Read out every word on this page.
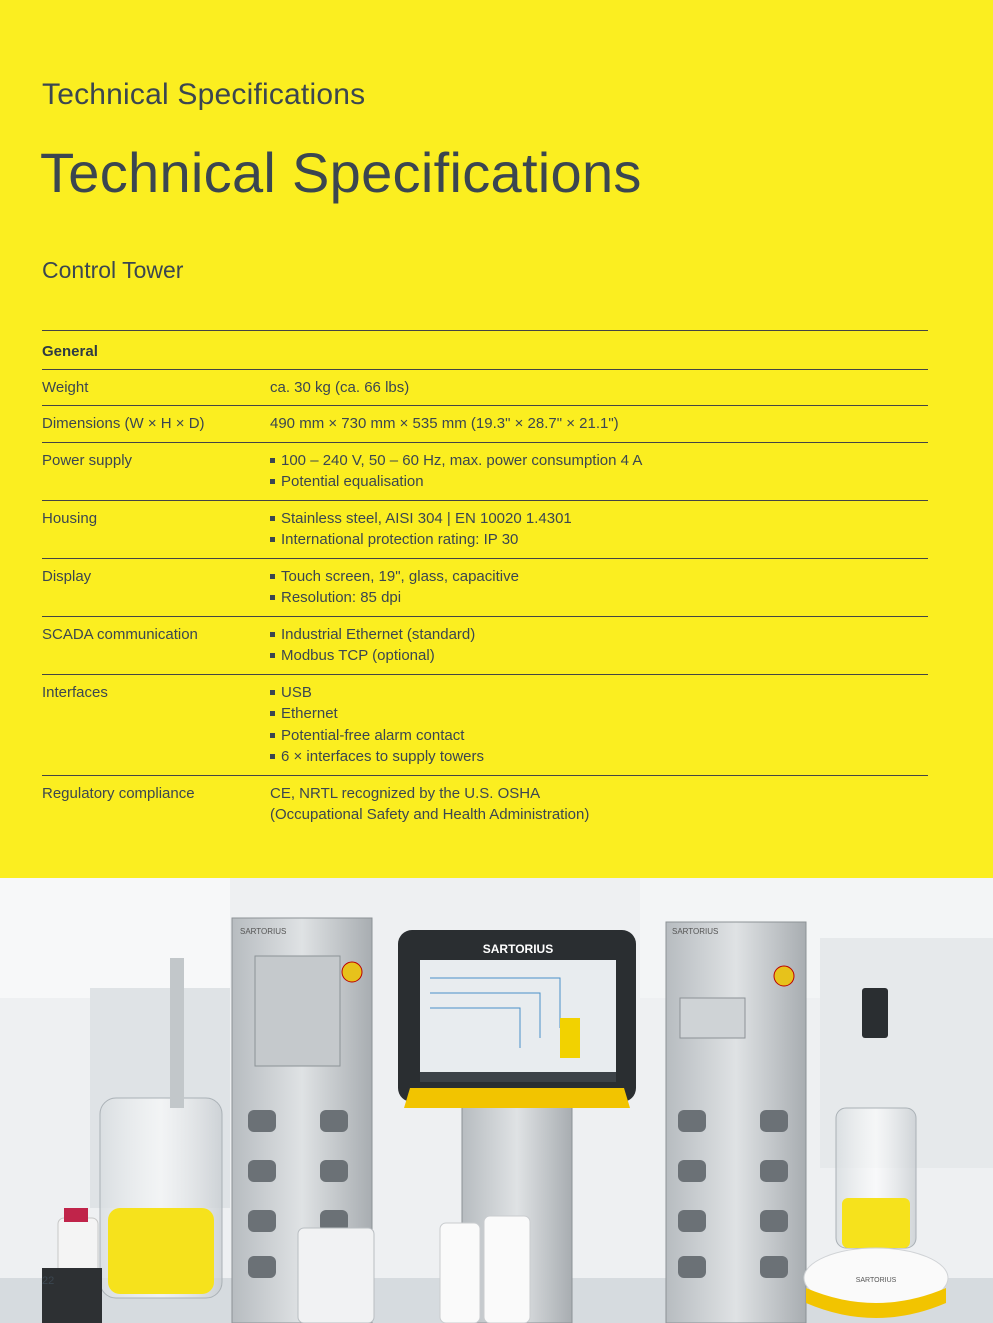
Technical Specifications
Technical Specifications
Control Tower
General
Weight	ca. 30 kg (ca. 66 lbs)
Dimensions (W × H × D)	490 mm × 730 mm × 535 mm (19.3" × 28.7" × 21.1")
Power supply	100 – 240 V, 50 – 60 Hz, max. power consumption 4 A
Potential equalisation
Housing	Stainless steel, AISI 304 | EN 10020 1.4301
International protection rating: IP 30
Display	Touch screen, 19", glass, capacitive
Resolution: 85 dpi
SCADA communication	Industrial Ethernet (standard)
Modbus TCP (optional)
Interfaces	USB
Ethernet
Potential-free alarm contact
6 × interfaces to supply towers
Regulatory compliance	CE, NRTL recognized by the U.S. OSHA
(Occupational Safety and Health Administration)
SARTORIUS
SARTORIUS
SARTORIUS
SARTORIUS
22
